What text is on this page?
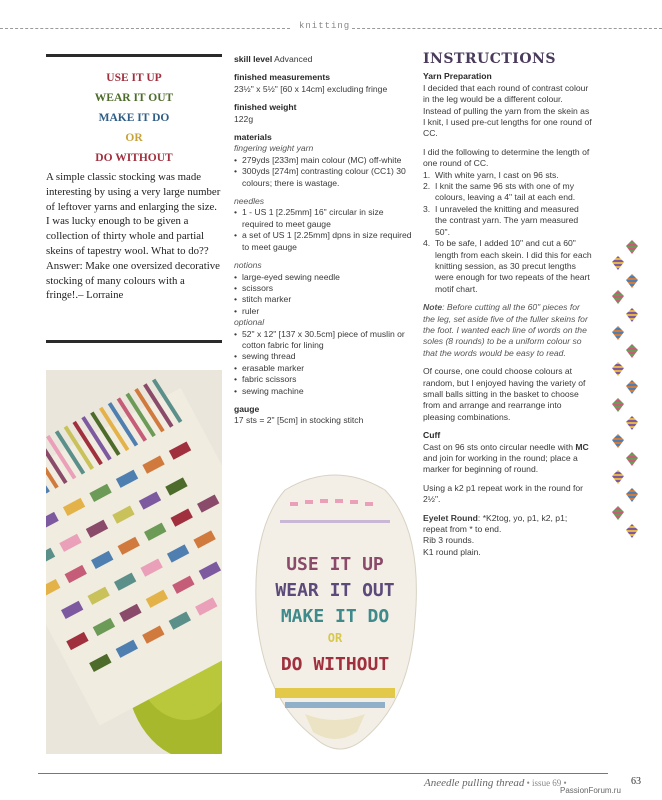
knitting
USE IT UP
WEAR IT OUT
MAKE IT DO
OR
DO WITHOUT
A simple classic stocking was made interesting by using a very large number of leftover yarns and enlarging the size. I was lucky enough to be given a collection of thirty whole and partial skeins of tapestry wool. What to do?? Answer: Make one oversized decorative stocking of many colours with a fringe!.– Lorraine
skill level Advanced
finished measurements
23½" x 5½" [60 x 14cm] excluding fringe
finished weight
122g
materials
fingering weight yarn
• 279yds [233m] main colour (MC) off-white
• 300yds [274m] contrasting colour (CC1) 30 colours; there is wastage.
needles
• 1 - US 1 [2.25mm] 16" circular in size required to meet gauge
• a set of US 1 [2.25mm] dpns in size required to meet gauge
notions
• large-eyed sewing needle
• scissors
• stitch marker
• ruler
optional
• 52" x 12" [137 x 30.5cm] piece of muslin or cotton fabric for lining
• sewing thread
• erasable marker
• fabric scissors
• sewing machine
gauge
17 sts = 2" [5cm] in stocking stitch
USE IT UP
WEAR IT OUT
MAKE IT DO
OR
DO WITHOUT
INSTRUCTIONS
Yarn Preparation
I decided that each round of contrast colour in the leg would be a different colour. Instead of pulling the yarn from the skein as I knit, I used pre-cut lengths for one round of CC.
I did the following to determine the length of one round of CC.
1. With white yarn, I cast on 96 sts.
2. I knit the same 96 sts with one of my colours, leaving a 4" tail at each end.
3. I unraveled the knitting and measured the contrast yarn. The yarn measured 50".
4. To be safe, I added 10" and cut a 60" length from each skein. I did this for each knitting session, as 30 precut lengths were enough for two repeats of the heart motif chart.
Note: Before cutting all the 60" pieces for the leg, set aside five of the fuller skeins for the foot. I wanted each line of words on the soles (8 rounds) to be a uniform colour so that the words would be easy to read.
Of course, one could choose colours at random, but I enjoyed having the variety of small balls sitting in the basket to choose from and arrange and rearrange into pleasing combinations.
Cuff
Cast on 96 sts onto circular needle with MC and join for working in the round; place a marker for beginning of round.
Using a k2 p1 repeat work in the round for 2½".
Eyelet Round: *K2tog, yo, p1, k2, p1; repeat from * to end.
Rib 3 rounds.
K1 round plain.
Aneedle pulling thread • issue 69 •	63
PassionForum.ru
